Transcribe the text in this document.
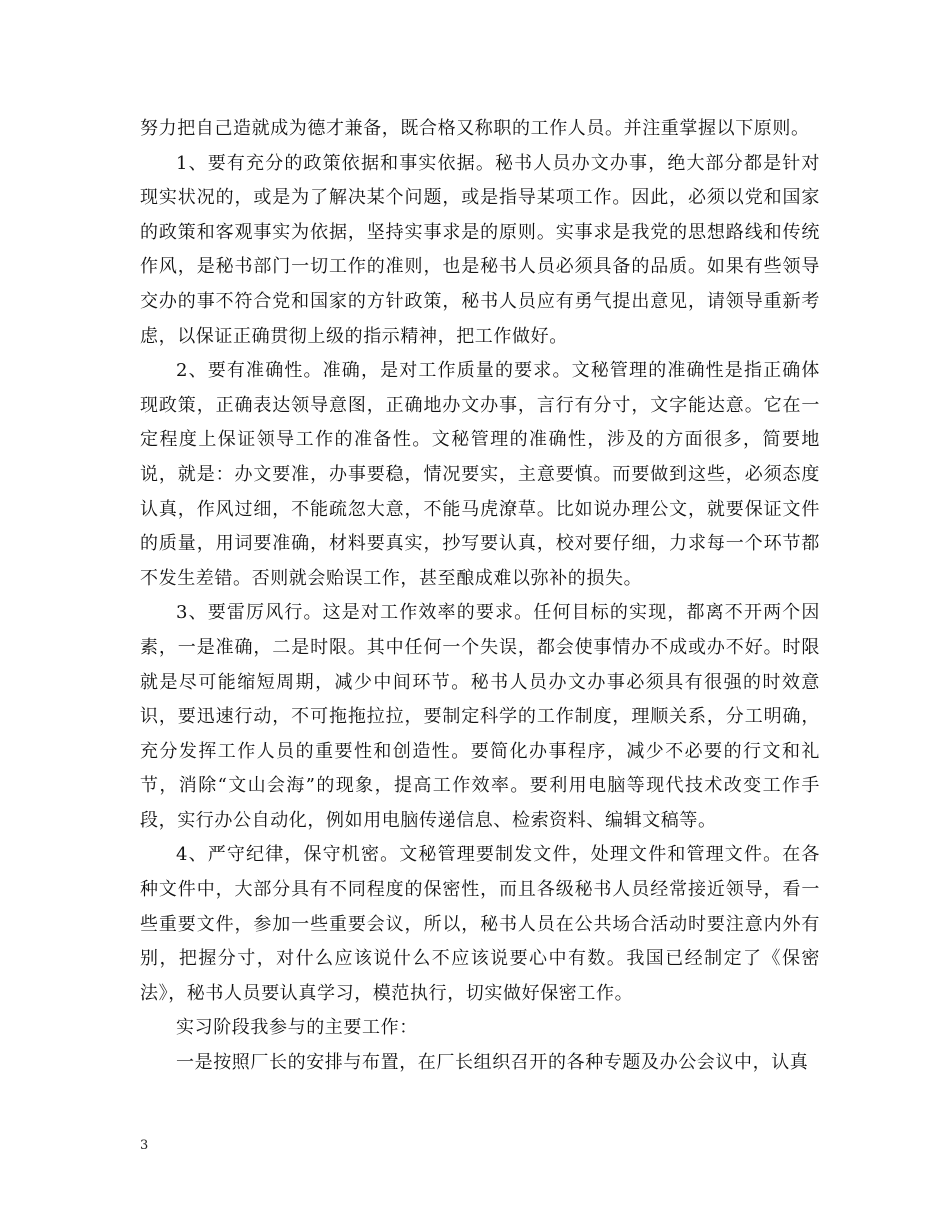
努力把自己造就成为德才兼备，既合格又称职的工作人员。并注重掌握以下原则。

1、要有充分的政策依据和事实依据。秘书人员办文办事，绝大部分都是针对现实状况的，或是为了解决某个问题，或是指导某项工作。因此，必须以党和国家的政策和客观事实为依据，坚持实事求是的原则。实事求是我党的思想路线和传统作风，是秘书部门一切工作的准则，也是秘书人员必须具备的品质。如果有些领导交办的事不符合党和国家的方针政策，秘书人员应有勇气提出意见，请领导重新考虑，以保证正确贯彻上级的指示精神，把工作做好。

2、要有准确性。准确，是对工作质量的要求。文秘管理的准确性是指正确体现政策，正确表达领导意图，正确地办文办事，言行有分寸，文字能达意。它在一定程度上保证领导工作的准备性。文秘管理的准确性，涉及的方面很多，简要地说，就是：办文要准，办事要稳，情况要实，主意要慎。而要做到这些，必须态度认真，作风过细，不能疏忽大意，不能马虎潦草。比如说办理公文，就要保证文件的质量，用词要准确，材料要真实，抄写要认真，校对要仔细，力求每一个环节都不发生差错。否则就会贻误工作，甚至酿成难以弥补的损失。

3、要雷厉风行。这是对工作效率的要求。任何目标的实现，都离不开两个因素，一是准确，二是时限。其中任何一个失误，都会使事情办不成或办不好。时限就是尽可能缩短周期，减少中间环节。秘书人员办文办事必须具有很强的时效意识，要迅速行动，不可拖拖拉拉，要制定科学的工作制度，理顺关系，分工明确，充分发挥工作人员的重要性和创造性。要简化办事程序，减少不必要的行文和礼节，消除“文山会海”的现象，提高工作效率。要利用电脑等现代技术改变工作手段，实行办公自动化，例如用电脑传递信息、检索资料、编辑文稿等。

4、严守纪律，保守机密。文秘管理要制发文件，处理文件和管理文件。在各种文件中，大部分具有不同程度的保密性，而且各级秘书人员经常接近领导，看一些重要文件，参加一些重要会议，所以，秘书人员在公共场合活动时要注意内外有别，把握分寸，对什么应该说什么不应该说要心中有数。我国已经制定了《保密法》，秘书人员要认真学习，模范执行，切实做好保密工作。

实习阶段我参与的主要工作：

一是按照厂长的安排与布置，在厂长组织召开的各种专题及办公会议中，认真

3
